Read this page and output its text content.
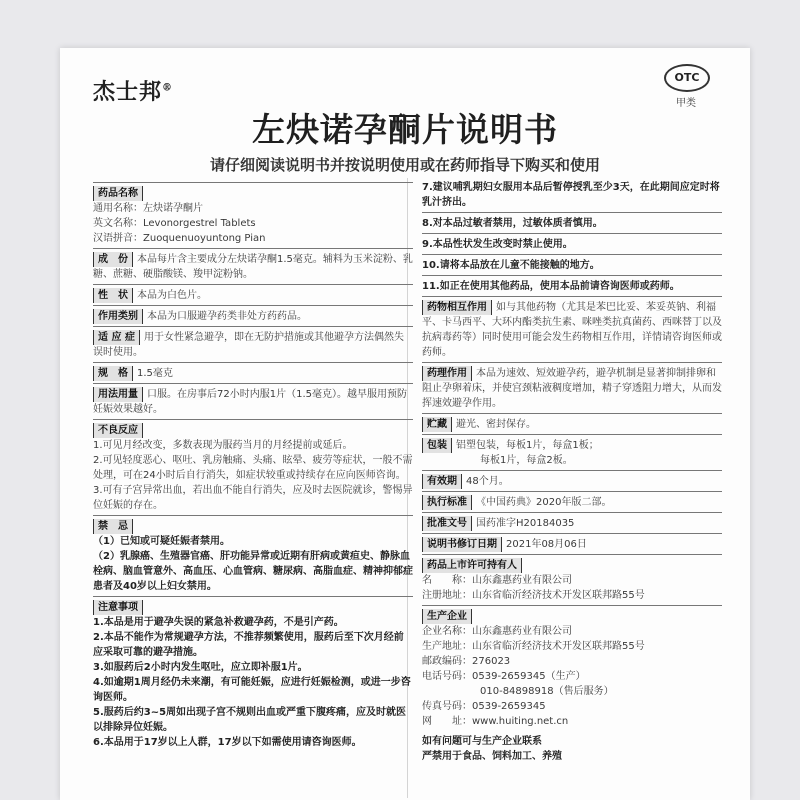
杰士邦®
OTC
甲类
左炔诺孕酮片说明书
请仔细阅读说明书并按说明使用或在药师指导下购买和使用
药品名称
通用名称：左炔诺孕酮片
英文名称：Levonorgestrel Tablets
汉语拼音：Zuoquenuoyuntong Pian
成　份 本品每片含主要成分左炔诺孕酮1.5毫克。辅料为玉米淀粉、乳糖、蔗糖、硬脂酸镁、羧甲淀粉钠。
性　状 本品为白色片。
作用类别 本品为口服避孕药类非处方药药品。
适 应 症 用于女性紧急避孕，即在无防护措施或其他避孕方法偶然失误时使用。
规　格 1.5毫克
用法用量 口服。在房事后72小时内服1片（1.5毫克）。越早服用预防妊娠效果越好。
不良反应
1.可见月经改变，多数表现为服药当月的月经提前或延后。
2.可见轻度恶心、呕吐、乳房触痛、头痛、眩晕、疲劳等症状，一般不需处理，可在24小时后自行消失，如症状较重或持续存在应向医师咨询。
3.可有子宫异常出血，若出血不能自行消失，应及时去医院就诊，警惕异位妊娠的存在。
禁　忌
（1）已知或可疑妊娠者禁用。
（2）乳腺癌、生殖器官癌、肝功能异常或近期有肝病或黄疸史、静脉血栓病、脑血管意外、高血压、心血管病、糖尿病、高脂血症、精神抑郁症患者及40岁以上妇女禁用。
注意事项
1.本品是用于避孕失误的紧急补救避孕药，不是引产药。
2.本品不能作为常规避孕方法，不推荐频繁使用，服药后至下次月经前应采取可靠的避孕措施。
3.如服药后2小时内发生呕吐，应立即补服1片。
4.如逾期1周月经仍未来潮，有可能妊娠，应进行妊娠检测，或进一步咨询医师。
5.服药后约3~5周如出现子宫不规则出血或严重下腹疼痛，应及时就医以排除异位妊娠。
6.本品用于17岁以上人群，17岁以下如需使用请咨询医师。
7.建议哺乳期妇女服用本品后暂停授乳至少3天，在此期间应定时将乳汁挤出。
8.对本品过敏者禁用，过敏体质者慎用。
9.本品性状发生改变时禁止使用。
10.请将本品放在儿童不能接触的地方。
11.如正在使用其他药品，使用本品前请咨询医师或药师。
药物相互作用 如与其他药物（尤其是苯巴比妥、苯妥英钠、利福平、卡马西平、大环内酯类抗生素、咪唑类抗真菌药、西咪替丁以及抗病毒药等）同时使用可能会发生药物相互作用，详情请咨询医师或药师。
药理作用 本品为速效、短效避孕药，避孕机制是显著抑制排卵和阻止孕卵着床，并使宫颈粘液稠度增加，精子穿透阻力增大，从而发挥速效避孕作用。
贮藏 避光、密封保存。
包装 铝塑包装，每板1片，每盒1板；
每板1片，每盒2板。
有效期 48个月。
执行标准 《中国药典》2020年版二部。
批准文号 国药准字H20184035
说明书修订日期 2021年08月06日
药品上市许可持有人
名　　称：山东鑫惠药业有限公司
注册地址：山东省临沂经济技术开发区联邦路55号
生产企业
企业名称：山东鑫惠药业有限公司
生产地址：山东省临沂经济技术开发区联邦路55号
邮政编码：276023
电话号码：0539-2659345（生产）
010-84898918（售后服务）
传真号码：0539-2659345
网　　址：www.huiting.net.cn
如有问题可与生产企业联系
严禁用于食品、饲料加工、养殖
